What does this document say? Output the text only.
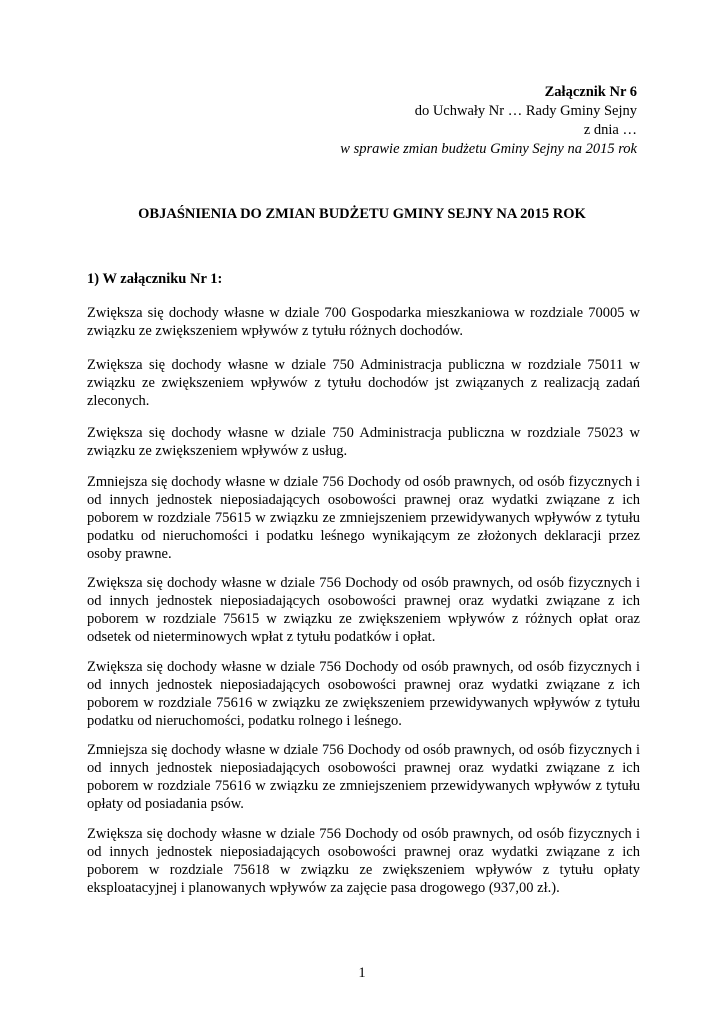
Załącznik Nr 6
do Uchwały Nr … Rady Gminy Sejny
z dnia …
w sprawie zmian budżetu Gminy Sejny na 2015 rok
OBJAŚNIENIA DO ZMIAN BUDŻETU GMINY SEJNY NA 2015 ROK
1) W załączniku Nr 1:

Zwiększa się dochody własne w dziale 700 Gospodarka mieszkaniowa w rozdziale 70005 w związku ze zwiększeniem wpływów z tytułu różnych dochodów.

Zwiększa się dochody własne w dziale 750 Administracja publiczna w rozdziale 75011 w związku ze zwiększeniem wpływów z tytułu dochodów jst związanych z realizacją zadań zleconych.

Zwiększa się dochody własne w dziale 750 Administracja publiczna w rozdziale 75023 w związku ze zwiększeniem wpływów z usług.

Zmniejsza się dochody własne w dziale 756 Dochody od osób prawnych, od osób fizycznych i od innych jednostek nieposiadających osobowości prawnej oraz wydatki związane z ich poborem w rozdziale 75615 w związku ze zmniejszeniem przewidywanych wpływów z tytułu podatku od nieruchomości i podatku leśnego wynikającym ze złożonych deklaracji przez osoby prawne.

Zwiększa się dochody własne w dziale 756 Dochody od osób prawnych, od osób fizycznych i od innych jednostek nieposiadających osobowości prawnej oraz wydatki związane z ich poborem w rozdziale 75615 w związku ze zwiększeniem wpływów z różnych opłat oraz odsetek od nieterminowych wpłat z tytułu podatków i opłat.

Zwiększa się dochody własne w dziale 756 Dochody od osób prawnych, od osób fizycznych i od innych jednostek nieposiadających osobowości prawnej oraz wydatki związane z ich poborem w rozdziale 75616 w związku ze zwiększeniem przewidywanych wpływów z tytułu podatku od nieruchomości, podatku rolnego i leśnego.

Zmniejsza się dochody własne w dziale 756 Dochody od osób prawnych, od osób fizycznych i od innych jednostek nieposiadających osobowości prawnej oraz wydatki związane z ich poborem w rozdziale 75616 w związku ze zmniejszeniem przewidywanych wpływów z tytułu opłaty od posiadania psów.

Zwiększa się dochody własne w dziale 756 Dochody od osób prawnych, od osób fizycznych i od innych jednostek nieposiadających osobowości prawnej oraz wydatki związane z ich poborem w rozdziale 75618 w związku ze zwiększeniem wpływów z tytułu opłaty eksploatacyjnej i planowanych wpływów za zajęcie pasa drogowego (937,00 zł.).

1
